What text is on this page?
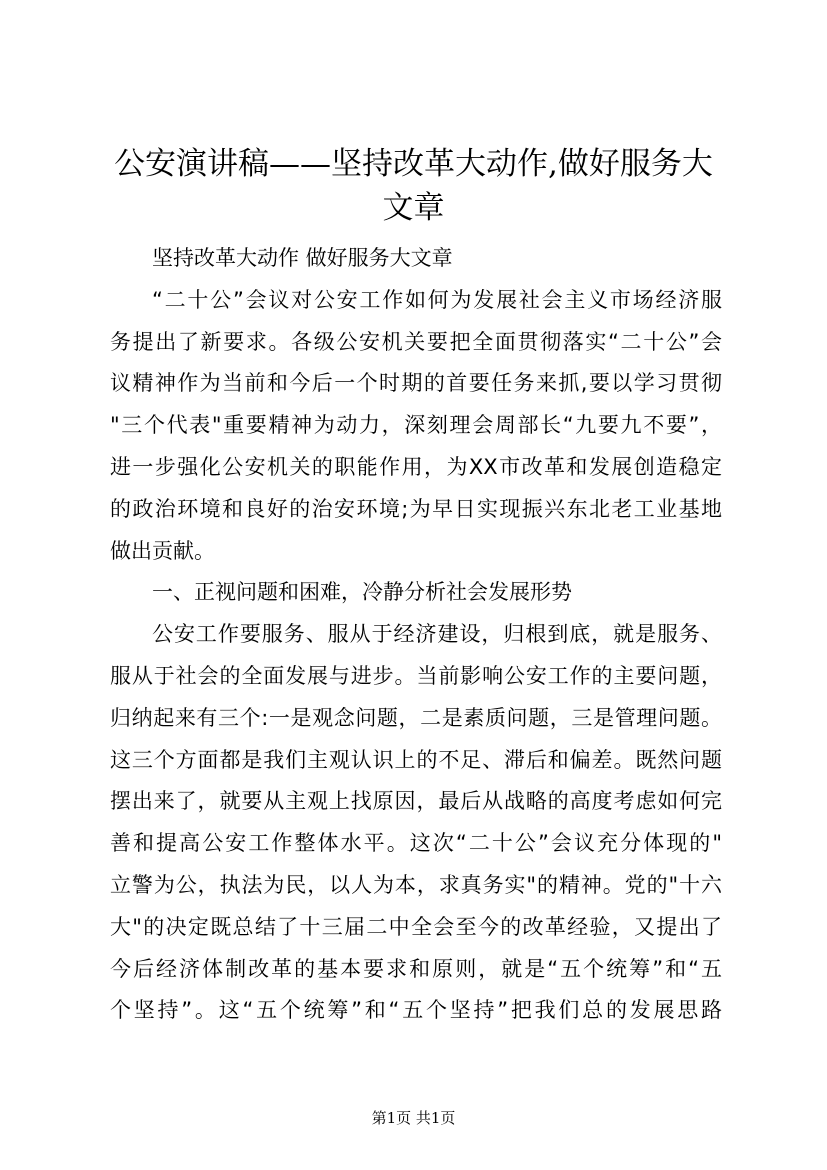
公安演讲稿——坚持改革大动作,做好服务大
文章
坚持改革大动作 做好服务大文章
“二十公”会议对公安工作如何为发展社会主义市场经济服
务提出了新要求。各级公安机关要把全面贯彻落实“二十公”会
议精神作为当前和今后一个时期的首要任务来抓,要以学习贯彻
"三个代表"重要精神为动力，深刻理会周部长“九要九不要”，
进一步强化公安机关的职能作用，为XX市改革和发展创造稳定
的政治环境和良好的治安环境;为早日实现振兴东北老工业基地
做出贡献。
一、正视问题和困难，冷静分析社会发展形势
公安工作要服务、服从于经济建设，归根到底，就是服务、
服从于社会的全面发展与进步。当前影响公安工作的主要问题，
归纳起来有三个:一是观念问题，二是素质问题，三是管理问题。
这三个方面都是我们主观认识上的不足、滞后和偏差。既然问题
摆出来了，就要从主观上找原因，最后从战略的高度考虑如何完
善和提高公安工作整体水平。这次“二十公”会议充分体现的"
立警为公，执法为民，以人为本，求真务实"的精神。党的"十六
大"的决定既总结了十三届二中全会至今的改革经验，又提出了
今后经济体制改革的基本要求和原则，就是“五个统筹”和“五
个坚持”。这“五个统筹”和“五个坚持”把我们总的发展思路
第1页 共1页
